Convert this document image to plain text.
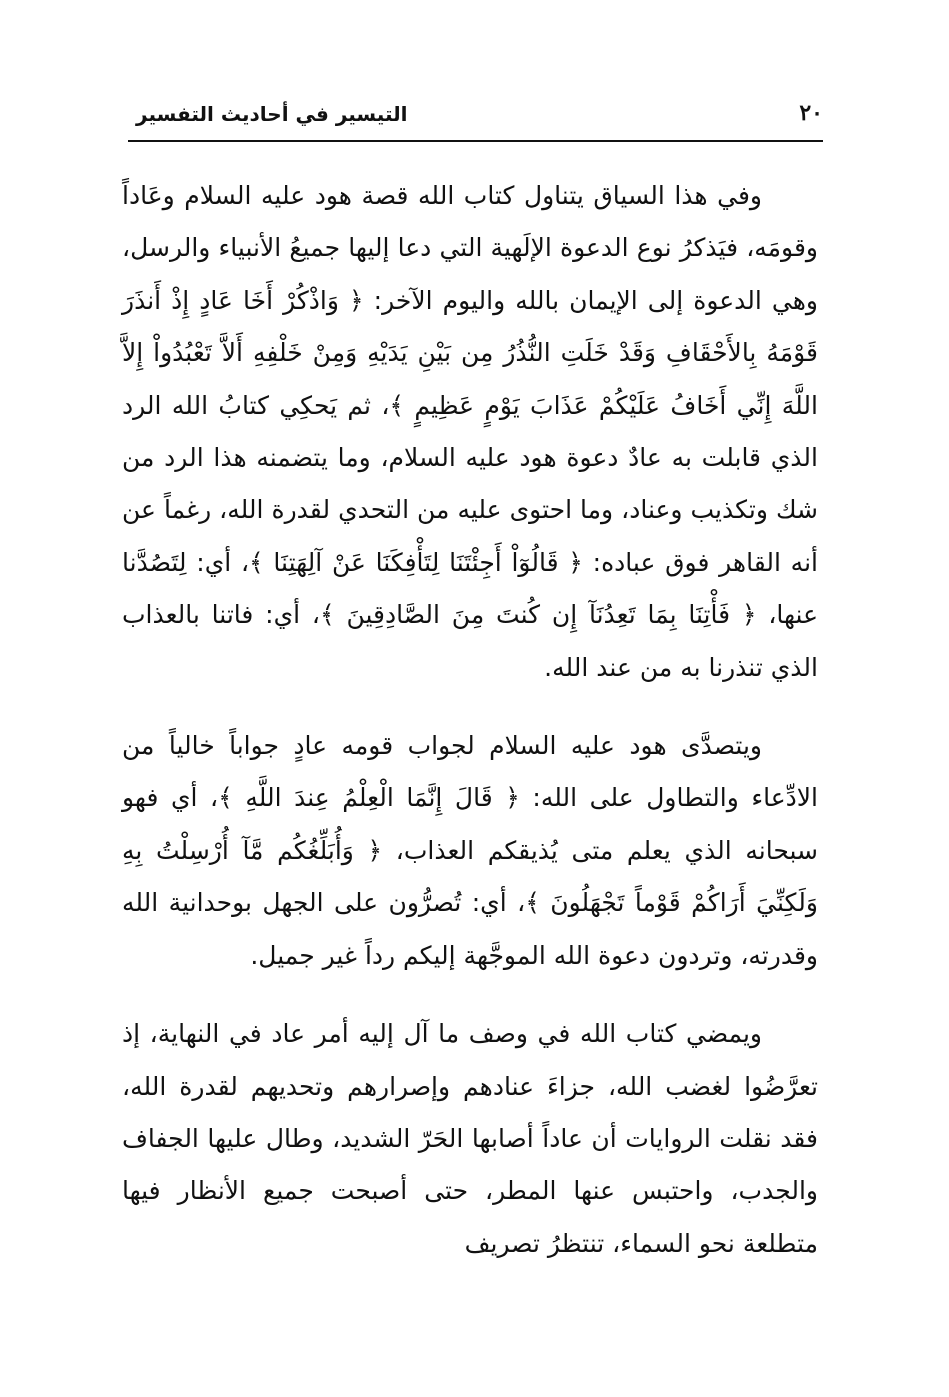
٢٠
التيسير في أحاديث التفسير

وفي هذا السياق يتناول كتاب الله قصة هود عليه السلام وعَاداً وقومَه، فيَذكرُ نوع الدعوة الإلَهية التي دعا إليها جميعُ الأنبياء والرسل، وهي الدعوة إلى الإيمان بالله واليوم الآخر: ﴿ وَاذْكُرْ أَخَا عَادٍ إِذْ أَنذَرَ قَوْمَهُ بِالأَحْقَافِ وَقَدْ خَلَتِ النُّذُرُ مِن بَيْنِ يَدَيْهِ وَمِنْ خَلْفِهِ أَلاَّ تَعْبُدُواْ إِلاَّ اللَّهَ إِنِّي أَخَافُ عَلَيْكُمْ عَذَابَ يَوْمٍ عَظِيمٍ ﴾، ثم يَحكِي كتابُ الله الرد الذي قابلت به عادٌ دعوة هود عليه السلام، وما يتضمنه هذا الرد من شك وتكذيب وعناد، وما احتوى عليه من التحدي لقدرة الله، رغماً عن أنه القاهر فوق عباده: ﴿ قَالُوٓاْ أَجِئْتَنَا لِتَأْفِكَنَا عَنْ آلِهَتِنَا ﴾، أي: لِتَصُدَّنا عنها، ﴿ فَأْتِنَا بِمَا تَعِدُنَآ إِن كُنتَ مِنَ الصَّادِقِينَ ﴾، أي: فاتنا بالعذاب الذي تنذرنا به من عند الله.

ويتصدَّى هود عليه السلام لجواب قومه عادٍ جواباً خالياً من الادِّعاء والتطاول على الله: ﴿ قَالَ إِنَّمَا الْعِلْمُ عِندَ اللَّهِ ﴾، أي فهو سبحانه الذي يعلم متى يُذيقكم العذاب، ﴿ وَأُبَلِّغُكُم مَّآ أُرْسِلْتُ بِهِ وَلَكِنِّيَ أَرَاكُمْ قَوْماً تَجْهَلُونَ ﴾، أي: تُصرُّون على الجهل بوحدانية الله وقدرته، وتردون دعوة الله الموجَّهة إليكم رداً غير جميل.

ويمضي كتاب الله في وصف ما آل إليه أمر عاد في النهاية، إذ تعرَّضُوا لغضب الله، جزاءَ عنادهم وإصرارهم وتحديهم لقدرة الله، فقد نقلت الروايات أن عاداً أصابها الحَرّ الشديد، وطال عليها الجفاف والجدب، واحتبس عنها المطر، حتى أصبحت جميع الأنظار فيها متطلعة نحو السماء، تنتظرُ تصريف
